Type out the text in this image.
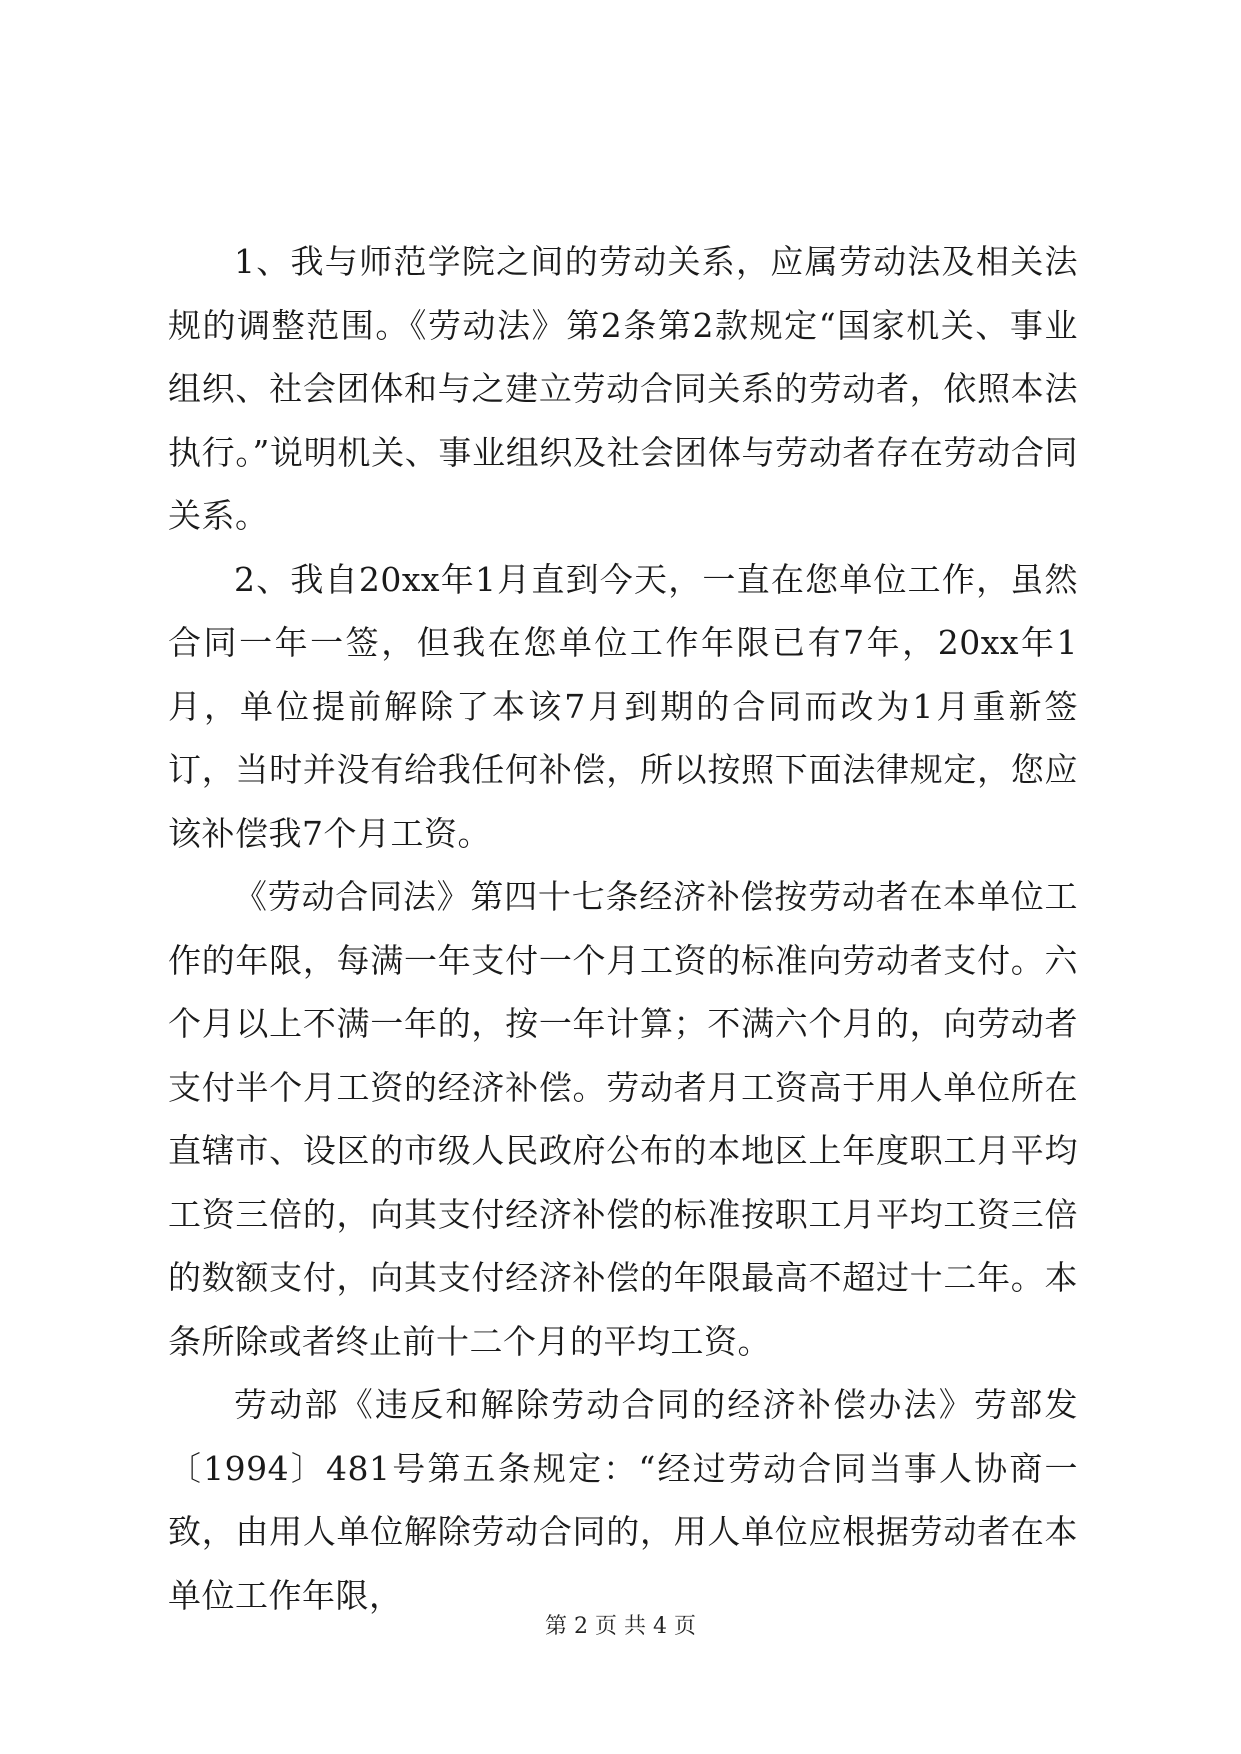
1、我与师范学院之间的劳动关系，应属劳动法及相关法规的调整范围。《劳动法》第2条第2款规定“国家机关、事业组织、社会团体和与之建立劳动合同关系的劳动者，依照本法执行。”说明机关、事业组织及社会团体与劳动者存在劳动合同关系。

2、我自20xx年1月直到今天，一直在您单位工作，虽然合同一年一签，但我在您单位工作年限已有7年，20xx年1月，单位提前解除了本该7月到期的合同而改为1月重新签订，当时并没有给我任何补偿，所以按照下面法律规定，您应该补偿我7个月工资。

《劳动合同法》第四十七条经济补偿按劳动者在本单位工作的年限，每满一年支付一个月工资的标准向劳动者支付。六个月以上不满一年的，按一年计算；不满六个月的，向劳动者支付半个月工资的经济补偿。劳动者月工资高于用人单位所在直辖市、设区的市级人民政府公布的本地区上年度职工月平均工资三倍的，向其支付经济补偿的标准按职工月平均工资三倍的数额支付，向其支付经济补偿的年限最高不超过十二年。本条所除或者终止前十二个月的平均工资。

劳动部《违反和解除劳动合同的经济补偿办法》劳部发〔1994〕481号第五条规定：“经过劳动合同当事人协商一致，由用人单位解除劳动合同的，用人单位应根据劳动者在本单位工作年限，

第 2 页 共 4 页
